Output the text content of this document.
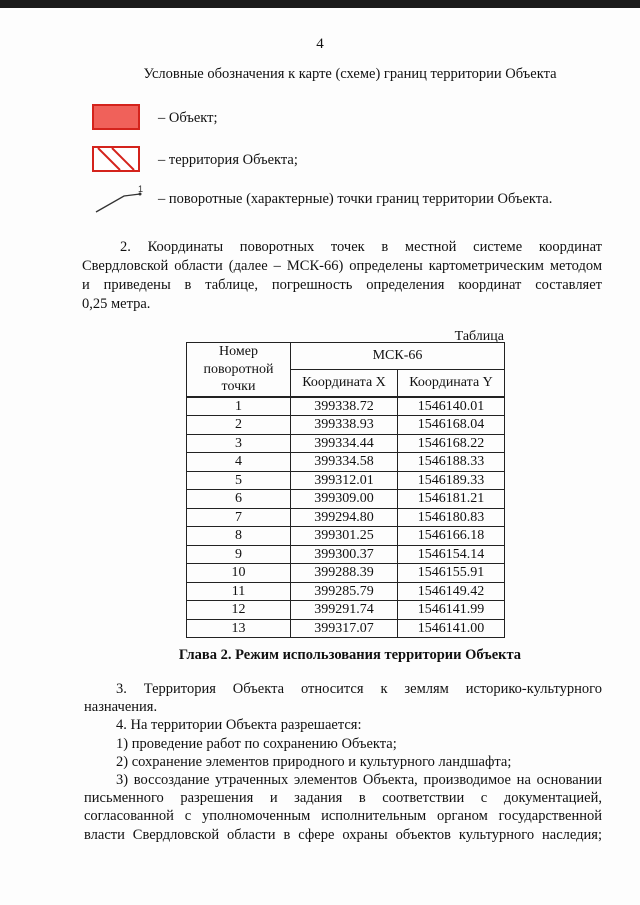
4
Условные обозначения к карте (схеме) границ территории Объекта
– Объект;
– территория Объекта;
1
– поворотные (характерные) точки границ территории Объекта.
2. Координаты поворотных точек в местной системе координат
Свердловской области (далее – МСК-66) определены картометрическим методом
и приведены в таблице, погрешность определения координат составляет
0,25 метра.
Таблица
Номер поворотной точки	МСК-66	
	Координата X	Координата Y
1	399338.72	1546140.01
2	399338.93	1546168.04
3	399334.44	1546168.22
4	399334.58	1546188.33
5	399312.01	1546189.33
6	399309.00	1546181.21
7	399294.80	1546180.83
8	399301.25	1546166.18
9	399300.37	1546154.14
10	399288.39	1546155.91
11	399285.79	1546149.42
12	399291.74	1546141.99
13	399317.07	1546141.00
Глава 2. Режим использования территории Объекта
3. Территория Объекта относится к землям историко-культурного
назначения.
4. На территории Объекта разрешается:
1) проведение работ по сохранению Объекта;
2) сохранение элементов природного и культурного ландшафта;
3) воссоздание утраченных элементов Объекта, производимое на основании
письменного разрешения и задания в соответствии с документацией,
согласованной с уполномоченным исполнительным органом государственной
власти Свердловской области в сфере охраны объектов культурного наследия;
